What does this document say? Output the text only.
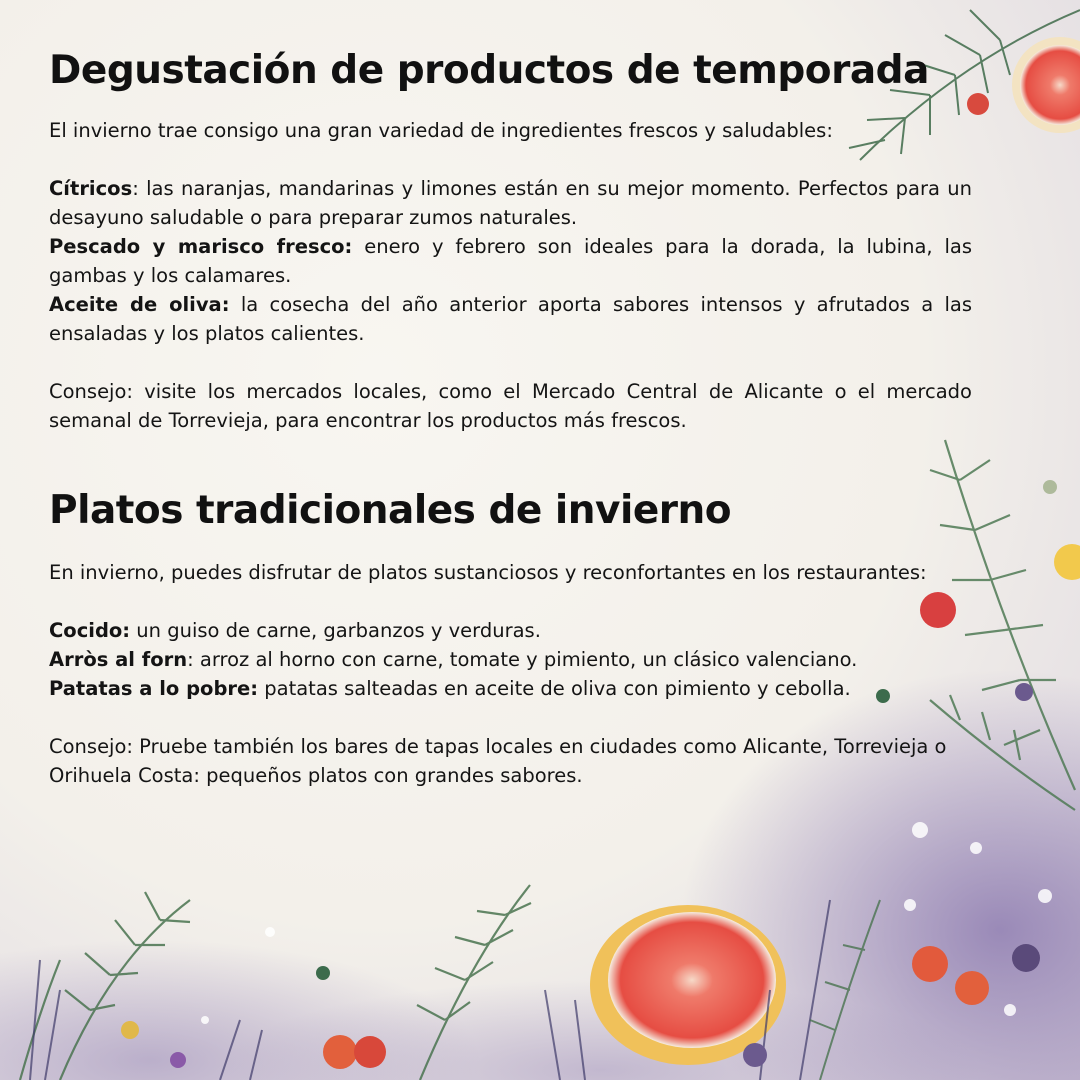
Degustación de productos de temporada

El invierno trae consigo una gran variedad de ingredientes frescos y saludables:

Cítricos: las naranjas, mandarinas y limones están en su mejor momento. Perfectos para un desayuno saludable o para preparar zumos naturales.

Pescado y marisco fresco: enero y febrero son ideales para la dorada, la lubina, las gambas y los calamares.

Aceite de oliva: la cosecha del año anterior aporta sabores intensos y afrutados a las ensaladas y los platos calientes.

Consejo: visite los mercados locales, como el Mercado Central de Alicante o el mercado semanal de Torrevieja, para encontrar los productos más frescos.

Platos tradicionales de invierno

En invierno, puedes disfrutar de platos sustanciosos y reconfortantes en los restaurantes:

Cocido: un guiso de carne, garbanzos y verduras.

Arròs al forn: arroz al horno con carne, tomate y pimiento, un clásico valenciano.

Patatas a lo pobre: patatas salteadas en aceite de oliva con pimiento y cebolla.

Consejo: Pruebe también los bares de tapas locales en ciudades como Alicante, Torrevieja o Orihuela Costa: pequeños platos con grandes sabores.
